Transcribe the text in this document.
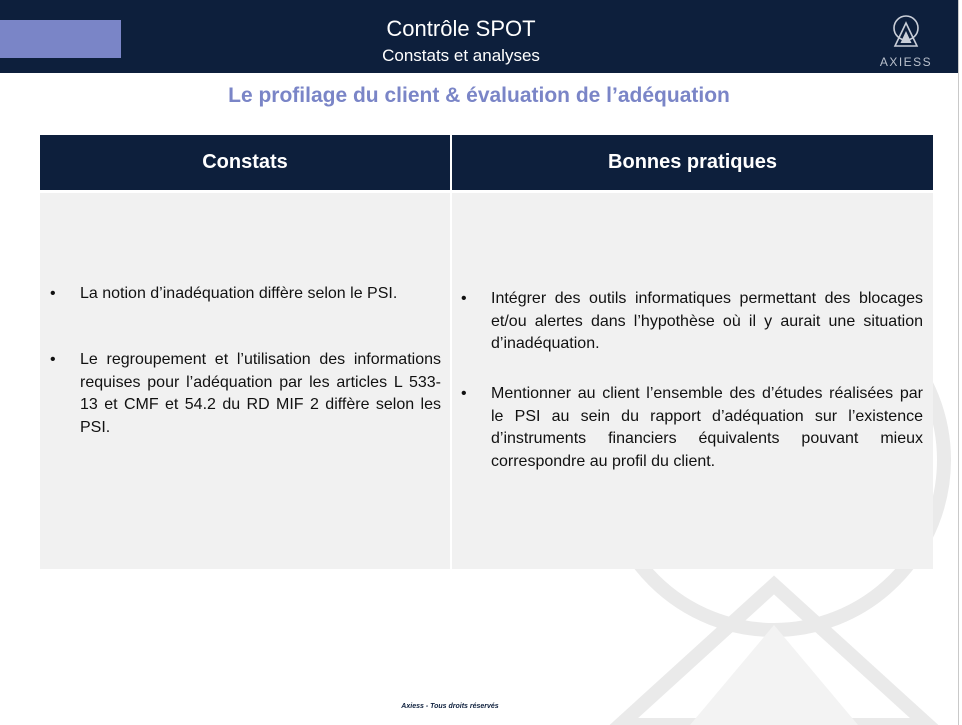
Contrôle SPOT
Constats et analyses	AXIESS
Le profilage du client & évaluation de l’adéquation
Constats	Bonnes pratiques
• La notion d’inadéquation diffère selon le PSI.
• Le regroupement et l’utilisation des informations requises pour l’adéquation par les articles L 533-13 et CMF et 54.2 du RD MIF 2 diffère selon les PSI.
• Intégrer des outils informatiques permettant des blocages et/ou alertes dans l’hypothèse où il y aurait une situation d’inadéquation.
• Mentionner au client l’ensemble des d’études réalisées par le PSI au sein du rapport d’adéquation sur l’existence d’instruments financiers équivalents pouvant mieux correspondre au profil du client.
Axiess - Tous droits réservés
